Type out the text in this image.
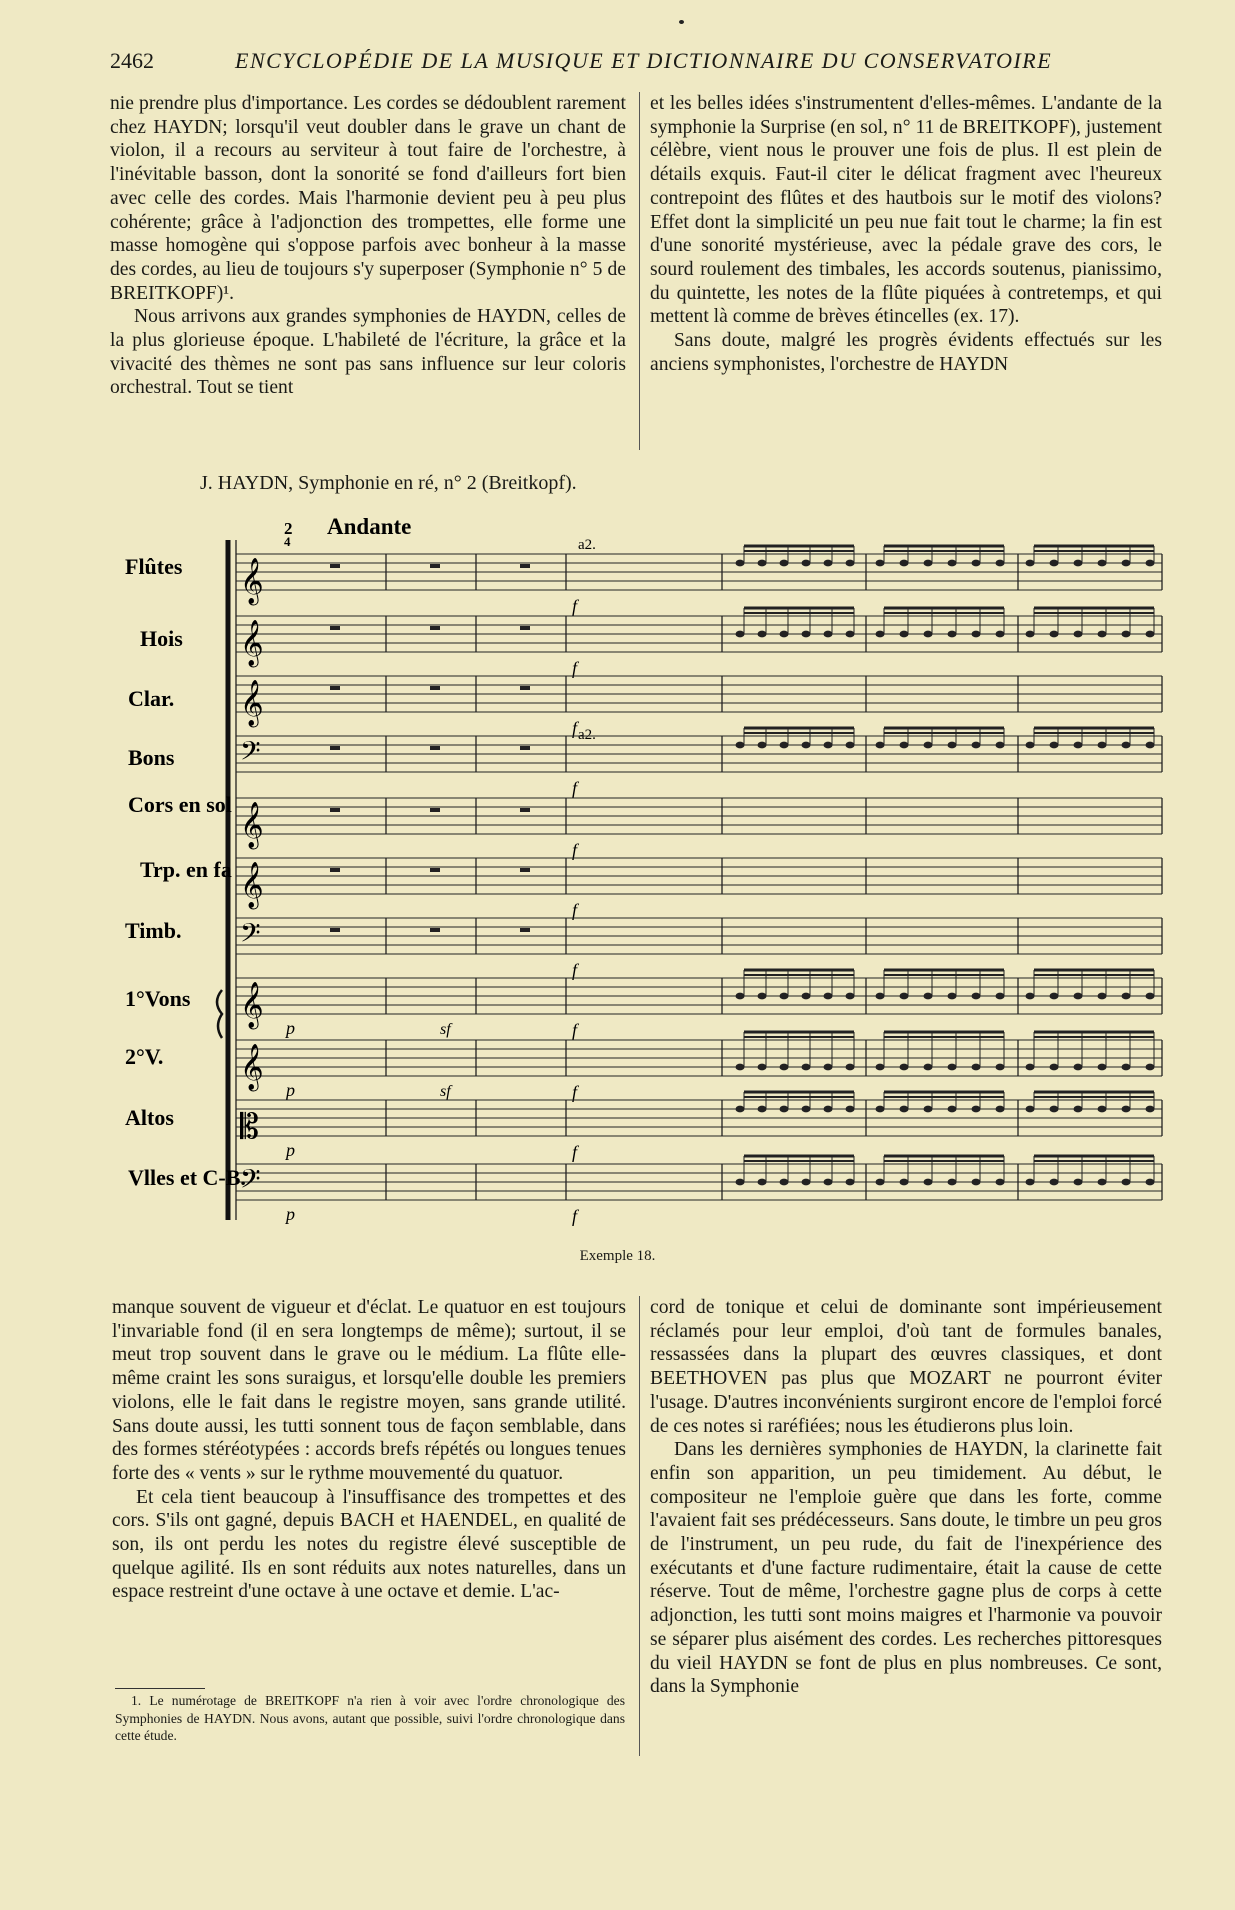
2462	ENCYCLOPÉDIE DE LA MUSIQUE ET DICTIONNAIRE DU CONSERVATOIRE

nie prendre plus d'importance. Les cordes se dédoublent rarement chez HAYDN; lorsqu'il veut doubler dans le grave un chant de violon, il a recours au serviteur à tout faire de l'orchestre, à l'inévitable basson, dont la sonorité se fond d'ailleurs fort bien avec celle des cordes. Mais l'harmonie devient peu à peu plus cohérente; grâce à l'adjonction des trompettes, elle forme une masse homogène qui s'oppose parfois avec bonheur à la masse des cordes, au lieu de toujours s'y superposer (Symphonie n° 5 de BREITKOPF)¹.

Nous arrivons aux grandes symphonies de HAYDN, celles de la plus glorieuse époque. L'habileté de l'écriture, la grâce et la vivacité des thèmes ne sont pas sans influence sur leur coloris orchestral. Tout se tient

et les belles idées s'instrumentent d'elles-mêmes. L'andante de la symphonie la Surprise (en sol, n° 11 de BREITKOPF), justement célèbre, vient nous le prouver une fois de plus. Il est plein de détails exquis. Faut-il citer le délicat fragment avec l'heureux contrepoint des flûtes et des hautbois sur le motif des violons? Effet dont la simplicité un peu nue fait tout le charme; la fin est d'une sonorité mystérieuse, avec la pédale grave des cors, le sourd roulement des timbales, les accords soutenus, pianissimo, du quintette, les notes de la flûte piquées à contretemps, et qui mettent là comme de brèves étincelles (ex. 17).

Sans doute, malgré les progrès évidents effectués sur les anciens symphonistes, l'orchestre de HAYDN

J. HAYDN, Symphonie en ré, n° 2 (Breitkopf).
2
4
Andante
a2.
a2.
𝄞
Flûtes
f
𝄞
Hois
f
𝄞
Clar.
f
𝄢
Bons
f
𝄞
Cors en sol
f
𝄞
Trp. en fa
f
𝄢
Timb.
f
𝄞
1°Vons
p	f
sf
𝄞
2°V.
p	f
sf
𝄡
Altos
p	f
𝄢
Vlles et C-B.
p	f
Exemple 18.

manque souvent de vigueur et d'éclat. Le quatuor en est toujours l'invariable fond (il en sera longtemps de même); surtout, il se meut trop souvent dans le grave ou le médium. La flûte elle-même craint les sons suraigus, et lorsqu'elle double les premiers violons, elle le fait dans le registre moyen, sans grande utilité. Sans doute aussi, les tutti sonnent tous de façon semblable, dans des formes stéréotypées : accords brefs répétés ou longues tenues forte des « vents » sur le rythme mouvementé du quatuor.

Et cela tient beaucoup à l'insuffisance des trompettes et des cors. S'ils ont gagné, depuis BACH et HAENDEL, en qualité de son, ils ont perdu les notes du registre élevé susceptible de quelque agilité. Ils en sont réduits aux notes naturelles, dans un espace restreint d'une octave à une octave et demie. L'ac-

cord de tonique et celui de dominante sont impérieusement réclamés pour leur emploi, d'où tant de formules banales, ressassées dans la plupart des œuvres classiques, et dont BEETHOVEN pas plus que MOZART ne pourront éviter l'usage. D'autres inconvénients surgiront encore de l'emploi forcé de ces notes si raréfiées; nous les étudierons plus loin.

Dans les dernières symphonies de HAYDN, la clarinette fait enfin son apparition, un peu timidement. Au début, le compositeur ne l'emploie guère que dans les forte, comme l'avaient fait ses prédécesseurs. Sans doute, le timbre un peu gros de l'instrument, un peu rude, du fait de l'inexpérience des exécutants et d'une facture rudimentaire, était la cause de cette réserve. Tout de même, l'orchestre gagne plus de corps à cette adjonction, les tutti sont moins maigres et l'harmonie va pouvoir se séparer plus aisément des cordes. Les recherches pittoresques du vieil HAYDN se font de plus en plus nombreuses. Ce sont, dans la Symphonie

1. Le numérotage de BREITKOPF n'a rien à voir avec l'ordre chronologique des Symphonies de HAYDN. Nous avons, autant que possible, suivi l'ordre chronologique dans cette étude.
